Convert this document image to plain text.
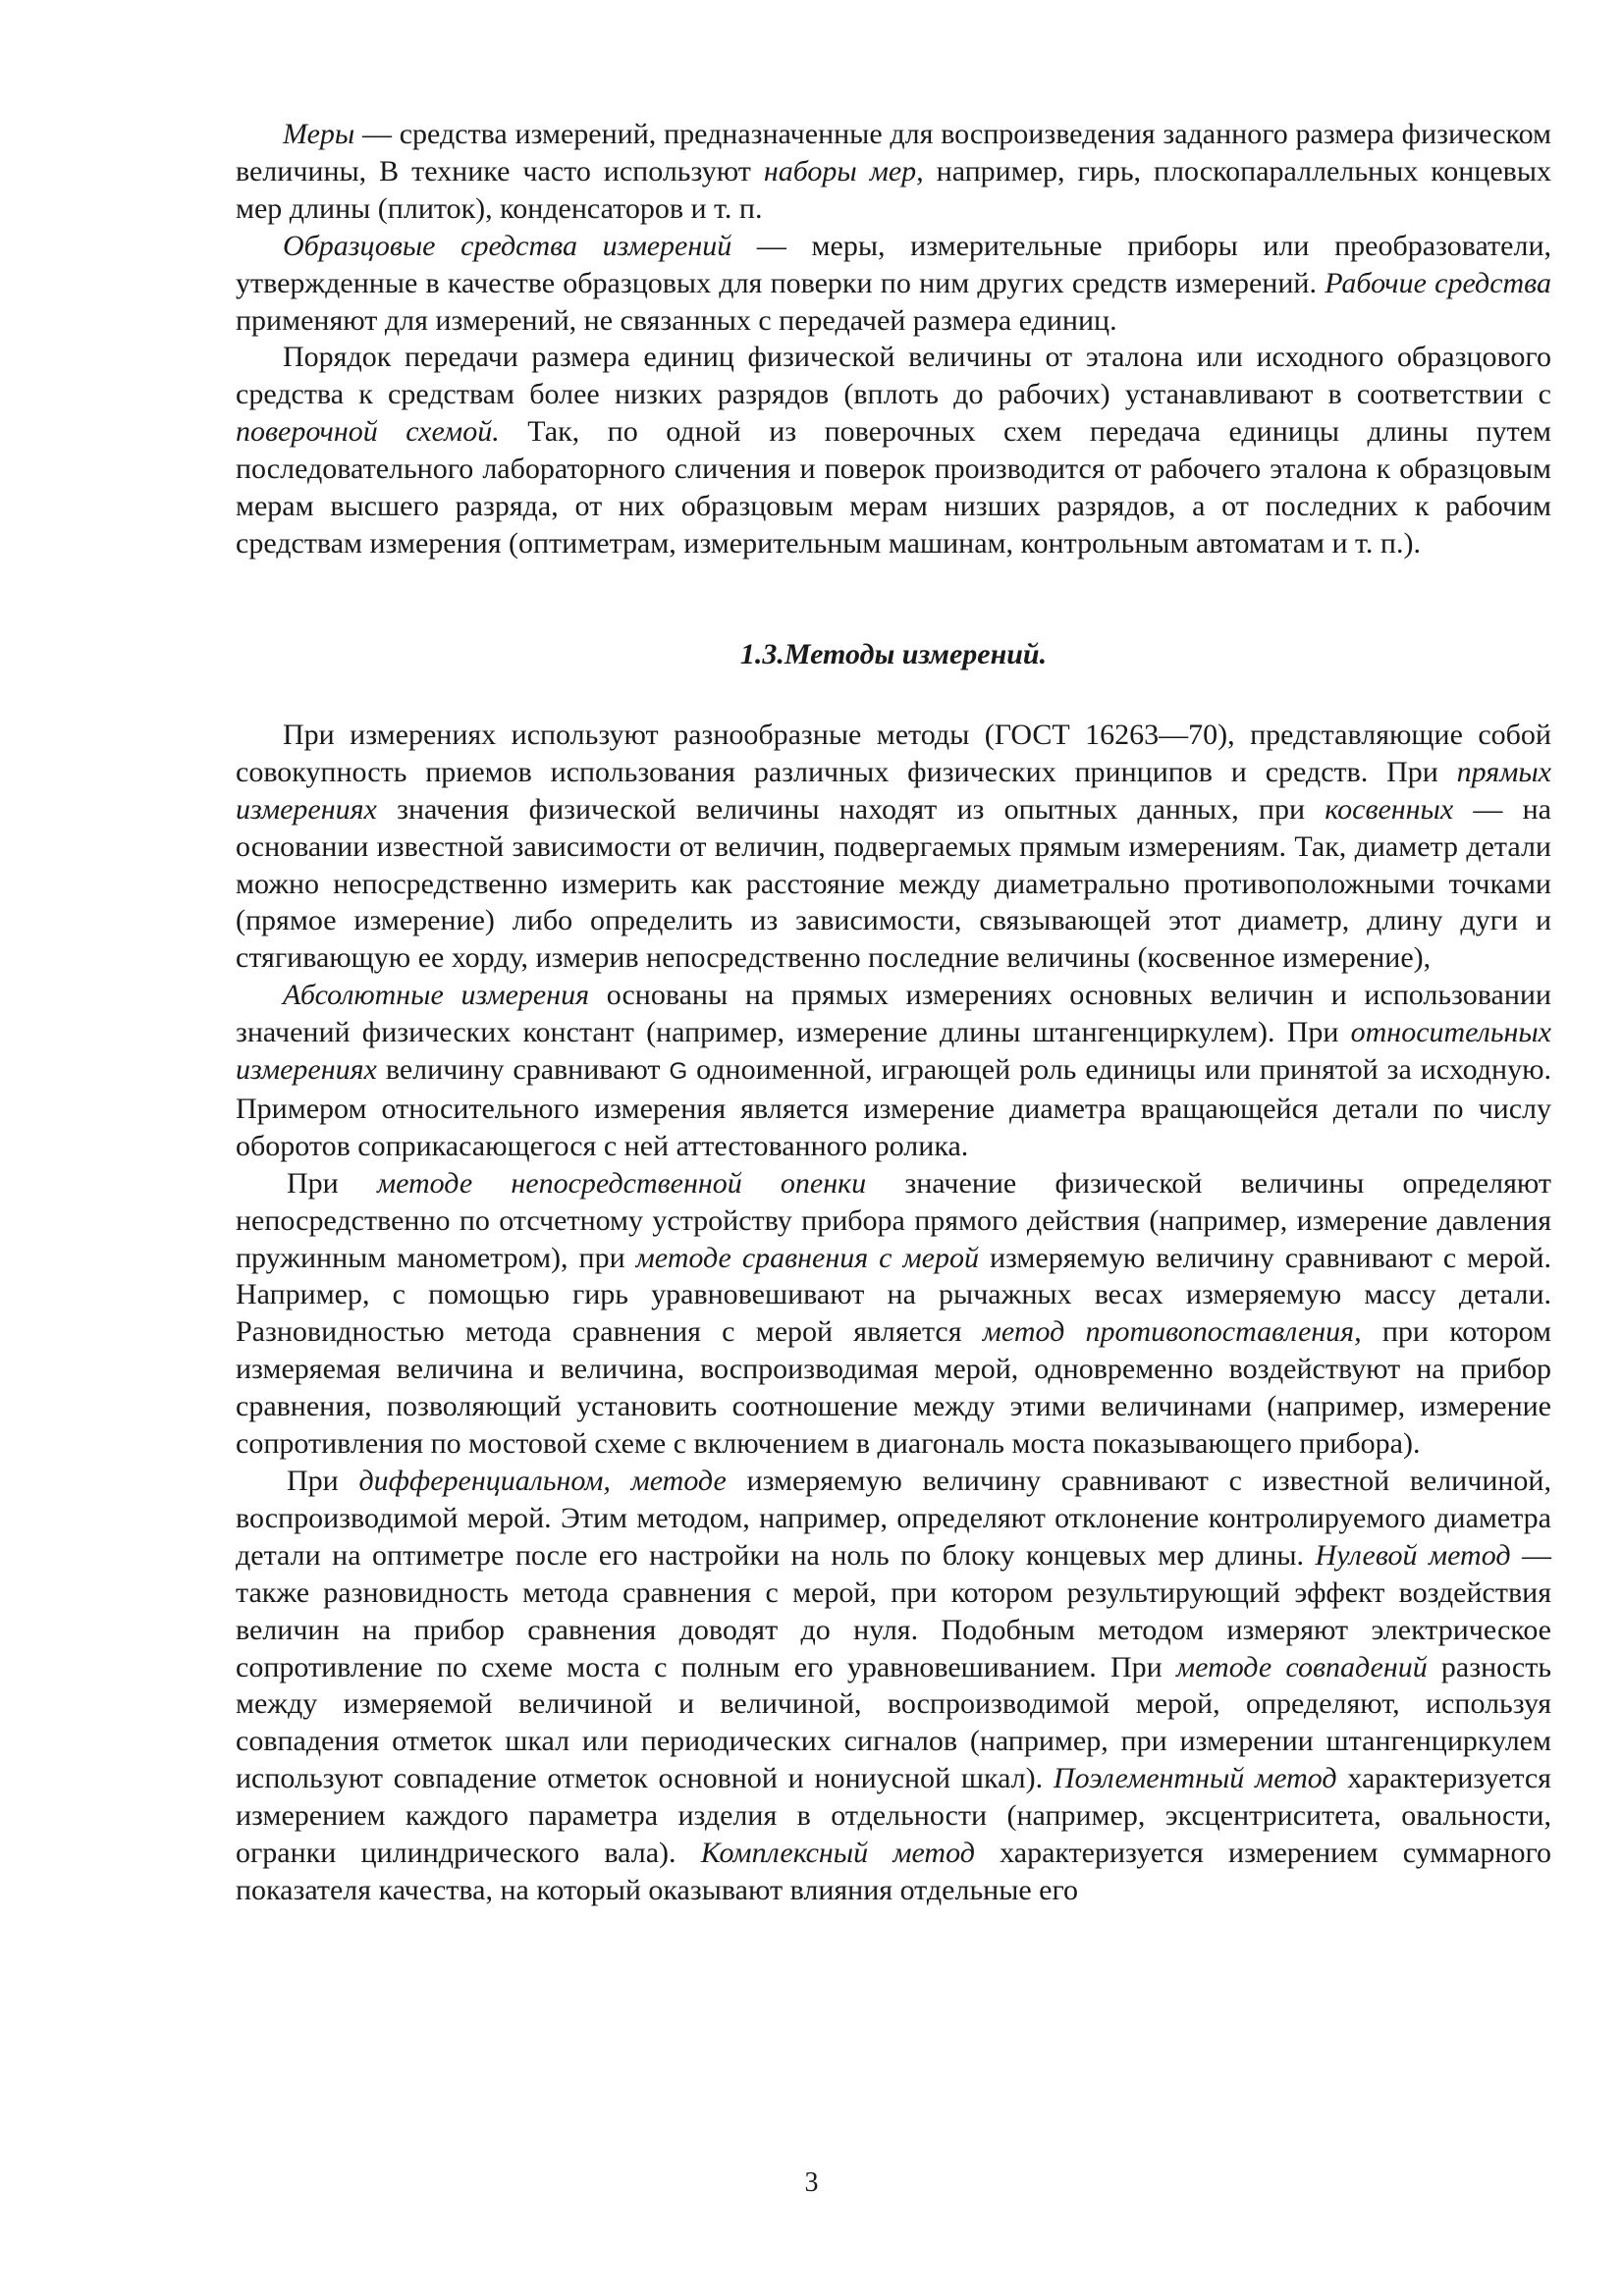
Меры — средства измерений, предназначенные для воспроизведения заданного размера физическом величины, В технике часто используют наборы мер, например, гирь, плоскопараллельных концевых мер длины (плиток), конденсаторов и т. п.

Образцовые средства измерений — меры, измерительные приборы или преобразователи, утвержденные в качестве образцовых для поверки по ним других средств измерений. Рабочие средства применяют для измерений, не связанных с передачей размера единиц.

Порядок передачи размера единиц физической величины от эталона или исходного образцового средства к средствам более низких разрядов (вплоть до рабочих) устанавливают в соответствии с поверочной схемой. Так, по одной из поверочных схем передача единицы длины путем последовательного лабораторного сличения и поверок производится от рабочего эталона к образцовым мерам высшего разряда, от них образцовым мерам низших разрядов, а от последних к рабочим средствам измерения (оптиметрам, измерительным машинам, контрольным автоматам и т. п.).

1.3.Методы измерений.

При измерениях используют разнообразные методы (ГОСТ 16263—70), представляющие собой совокупность приемов использования различных физических принципов и средств. При прямых измерениях значения физической величины находят из опытных данных, при косвенных — на основании известной зависимости от величин, подвергаемых прямым измерениям. Так, диаметр детали можно непосредственно измерить как расстояние между диаметрально противоположными точками (прямое измерение) либо определить из зависимости, связывающей этот диаметр, длину дуги и стягивающую ее хорду, измерив непосредственно последние величины (косвенное измерение),

Абсолютные измерения основаны на прямых измерениях основных величин и использовании значений физических констант (например, измерение длины штангенциркулем). При относительных измерениях величину сравнивают G одноименной, играющей роль единицы или принятой за исходную. Примером относительного измерения является измерение диаметра вращающейся детали по числу оборотов соприкасающегося с ней аттестованного ролика.

При методе непосредственной опенки значение физической величины определяют непосредственно по отсчетному устройству прибора прямого действия (например, измерение давления пружинным манометром), при методе сравнения с мерой измеряемую величину сравнивают с мерой. Например, с помощью гирь уравновешивают на рычажных весах измеряемую массу детали. Разновидностью метода сравнения с мерой является метод противопоставления, при котором измеряемая величина и величина, воспроизводимая мерой, одновременно воздействуют на прибор сравнения, позволяющий установить соотношение между этими величинами (например, измерение сопротивления по мостовой схеме с включением в диагональ моста показывающего прибора).

При дифференциальном, методе измеряемую величину сравнивают с известной величиной, воспроизводимой мерой. Этим методом, например, определяют отклонение контролируемого диаметра детали на оптиметре после его настройки на ноль по блоку концевых мер длины. Нулевой метод — также разновидность метода сравнения с мерой, при котором результирующий эффект воздействия величин на прибор сравнения доводят до нуля. Подобным методом измеряют электрическое сопротивление по схеме моста с полным его уравновешиванием. При методе совпадений разность между измеряемой величиной и величиной, воспроизводимой мерой, определяют, используя совпадения отметок шкал или периодических сигналов (например, при измерении штангенциркулем используют совпадение отметок основной и нониусной шкал). Поэлементный метод характеризуется измерением каждого параметра изделия в отдельности (например, эксцентриситета, овальности, огранки цилиндрического вала). Комплексный метод характеризуется измерением суммарного показателя качества, на который оказывают влияния отдельные его

3
